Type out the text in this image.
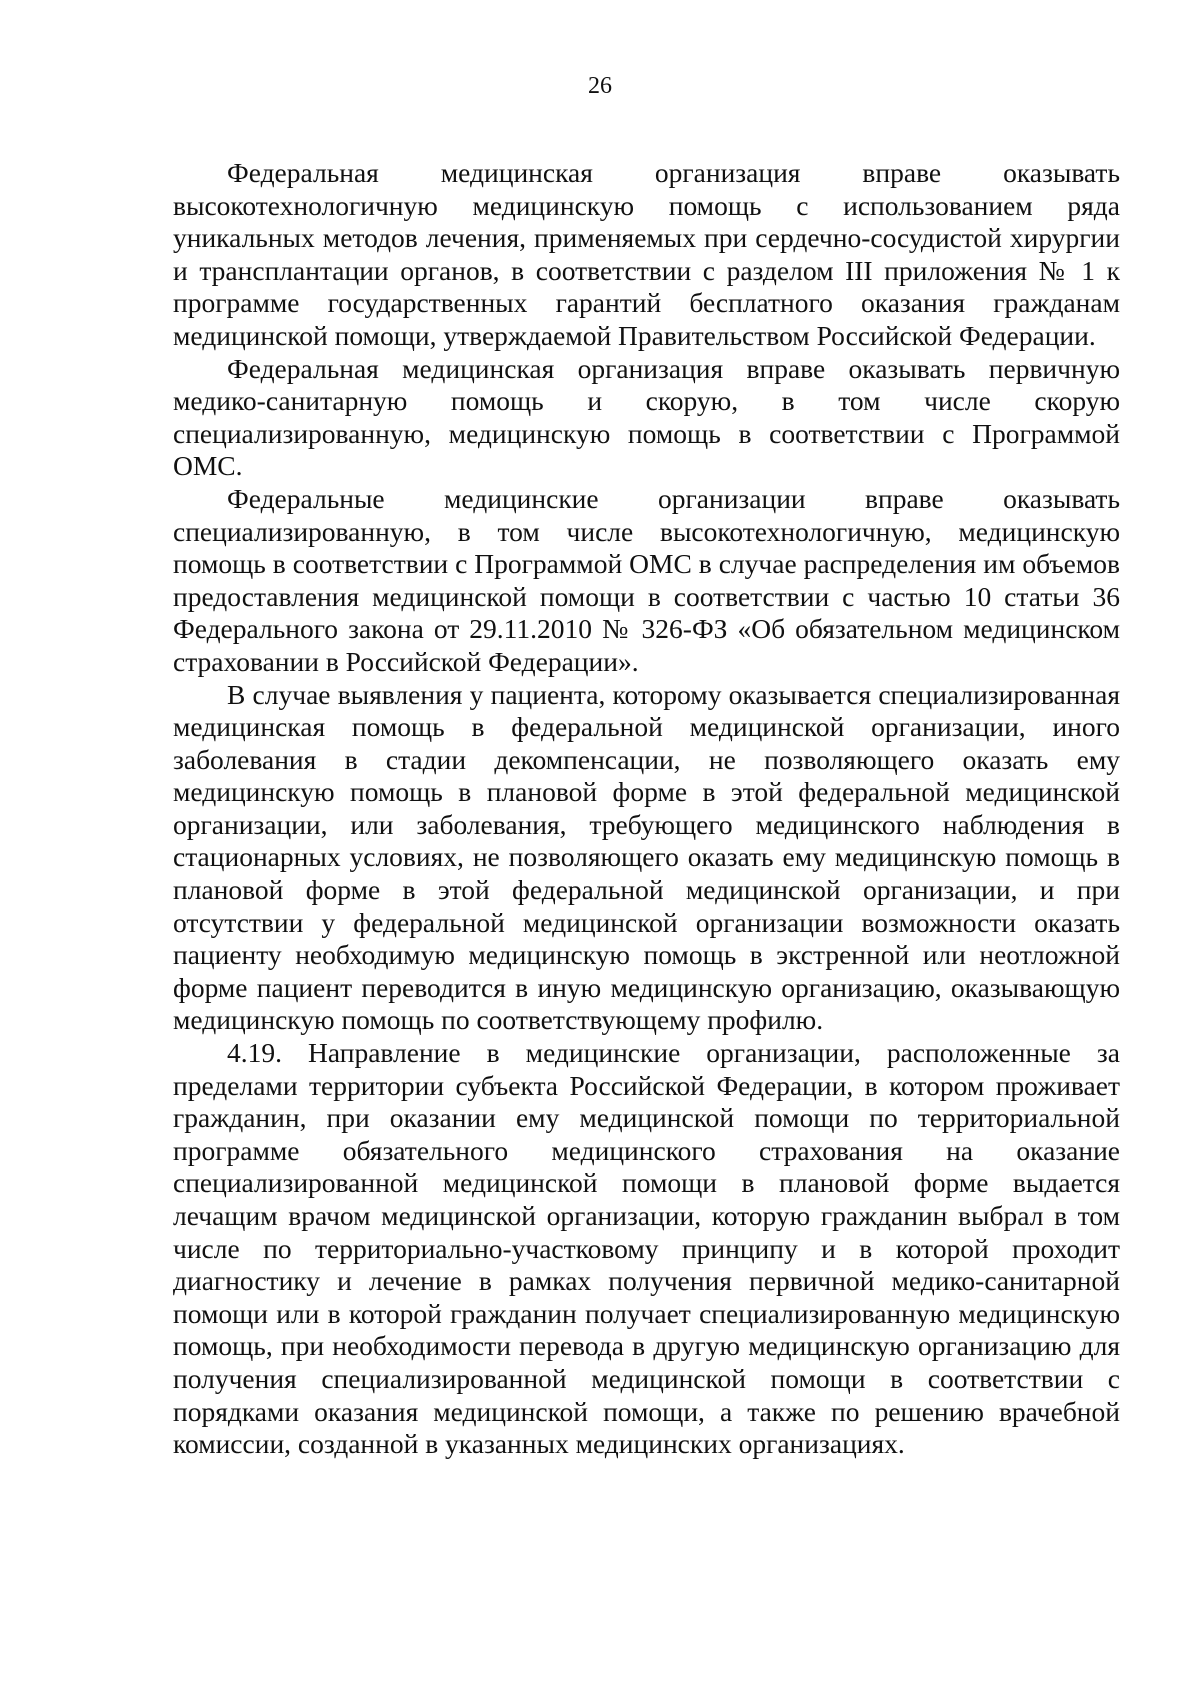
26

Федеральная медицинская организация вправе оказывать высокотехнологичную медицинскую помощь с использованием ряда уникальных методов лечения, применяемых при сердечно-сосудистой хирургии и трансплантации органов, в соответствии с разделом III приложения № 1 к программе государственных гарантий бесплатного оказания гражданам медицинской помощи, утверждаемой Правительством Российской Федерации.

Федеральная медицинская организация вправе оказывать первичную медико-санитарную помощь и скорую, в том числе скорую специализированную, медицинскую помощь в соответствии с Программой ОМС.

Федеральные медицинские организации вправе оказывать специализированную, в том числе высокотехнологичную, медицинскую помощь в соответствии с Программой ОМС в случае распределения им объемов предоставления медицинской помощи в соответствии с частью 10 статьи 36 Федерального закона от 29.11.2010 № 326-ФЗ «Об обязательном медицинском страховании в Российской Федерации».

В случае выявления у пациента, которому оказывается специализированная медицинская помощь в федеральной медицинской организации, иного заболевания в стадии декомпенсации, не позволяющего оказать ему медицинскую помощь в плановой форме в этой федеральной медицинской организации, или заболевания, требующего медицинского наблюдения в стационарных условиях, не позволяющего оказать ему медицинскую помощь в плановой форме в этой федеральной медицинской организации, и при отсутствии у федеральной медицинской организации возможности оказать пациенту необходимую медицинскую помощь в экстренной или неотложной форме пациент переводится в иную медицинскую организацию, оказывающую медицинскую помощь по соответствующему профилю.

4.19. Направление в медицинские организации, расположенные за пределами территории субъекта Российской Федерации, в котором проживает гражданин, при оказании ему медицинской помощи по территориальной программе обязательного медицинского страхования на оказание специализированной медицинской помощи в плановой форме выдается лечащим врачом медицинской организации, которую гражданин выбрал в том числе по территориально-участковому принципу и в которой проходит диагностику и лечение в рамках получения первичной медико-санитарной помощи или в которой гражданин получает специализированную медицинскую помощь, при необходимости перевода в другую медицинскую организацию для получения специализированной медицинской помощи в соответствии с порядками оказания медицинской помощи, а также по решению врачебной комиссии, созданной в указанных медицинских организациях.
